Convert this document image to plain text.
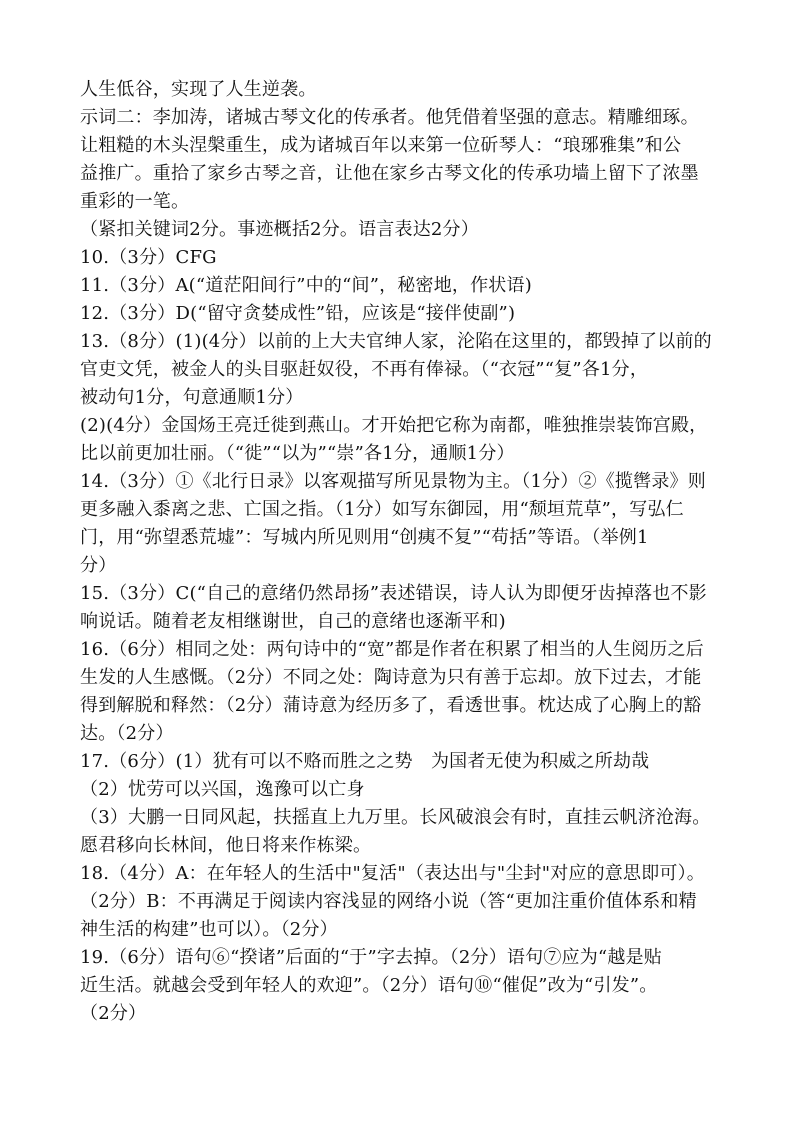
人生低谷，实现了人生逆袭。
示词二：李加涛，诸城古琴文化的传承者。他凭借着坚强的意志。精雕细琢。
让粗糙的木头涅槃重生，成为诸城百年以来第一位斫琴人：“琅琊雅集”和公
益推广。重拾了家乡古琴之音，让他在家乡古琴文化的传承功墙上留下了浓墨
重彩的一笔。
（紧扣关键词2分。事迹概括2分。语言表达2分）
10.（3分）CFG
11.（3分）A(“道茫阳间行”中的“间”，秘密地，作状语)
12.（3分）D(“留守贪婪成性”铅，应该是“接伴使副”)
13.（8分）(1)(4分）以前的上大夫官绅人家，沦陷在这里的，都毁掉了以前的
官吏文凭，被金人的头目驱赶奴役，不再有俸禄。（“衣冠”“复”各1分，
被动句1分，句意通顺1分）
(2)(4分）金国炀王亮迁徙到燕山。才开始把它称为南都，唯独推崇装饰宫殿，
比以前更加壮丽。（“徙”“以为”“崇”各1分，通顺1分）
14.（3分）①《北行日录》以客观描写所见景物为主。（1分）②《揽辔录》则
更多融入黍离之悲、亡国之指。（1分）如写东御园，用“颓垣荒草”，写弘仁
门，用“弥望悉荒墟”：写城内所见则用“创痍不复”“苟括”等语。（举例1
分）
15.（3分）C(“自己的意绪仍然昂扬”表述错误，诗人认为即便牙齿掉落也不影
响说话。随着老友相继谢世，自己的意绪也逐渐平和)
16.（6分）相同之处：两句诗中的“宽”都是作者在积累了相当的人生阅历之后
生发的人生感慨。（2分）不同之处：陶诗意为只有善于忘却。放下过去，才能
得到解脱和释然：（2分）蒲诗意为经历多了，看透世事。枕达成了心胸上的豁
达。（2分）
17.（6分）(1）犹有可以不赂而胜之之势　为国者无使为积威之所劫哉
（2）忧劳可以兴国，逸豫可以亡身
（3）大鹏一日同风起，扶摇直上九万里。长风破浪会有时，直挂云帆济沧海。
愿君移向长林间，他日将来作栋梁。
18.（4分）A：在年轻人的生活中"复活"（表达出与"尘封"对应的意思即可）。
（2分）B：不再满足于阅读内容浅显的网络小说（答“更加注重价值体系和精
神生活的构建”也可以）。（2分）
19.（6分）语句⑥“揆诸”后面的“于”字去掉。（2分）语句⑦应为“越是贴
近生活。就越会受到年轻人的欢迎”。（2分）语句⑩“催促”改为“引发”。
（2分）
